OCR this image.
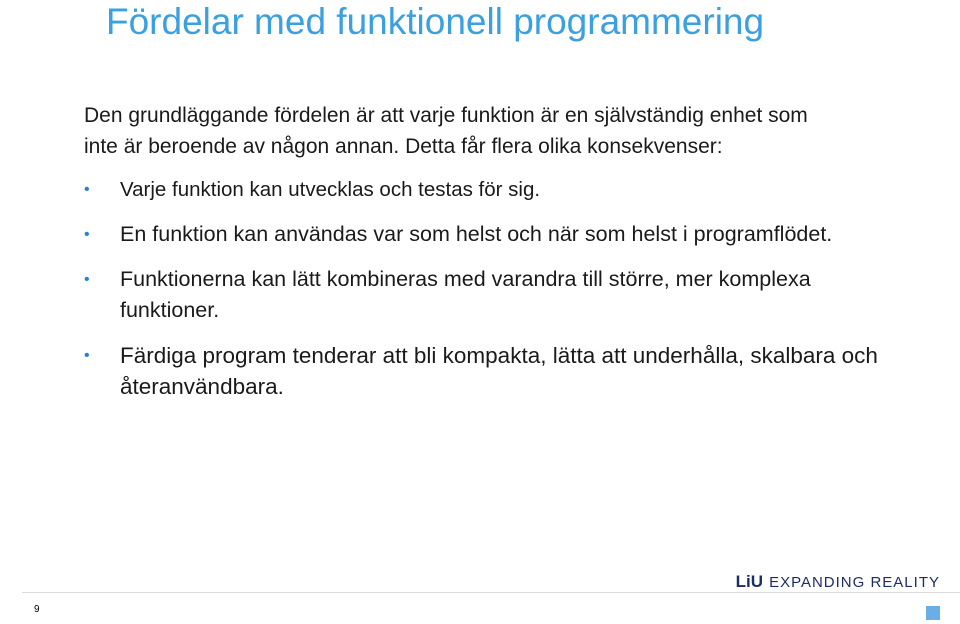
Fördelar med funktionell programmering

Den grundläggande fördelen är att varje funktion är en självständig enhet som inte är beroende av någon annan. Detta får flera olika konsekvenser:

• Varje funktion kan utvecklas och testas för sig.
• En funktion kan användas var som helst och när som helst i programflödet.
• Funktionerna kan lätt kombineras med varandra till större, mer komplexa funktioner.
• Färdiga program tenderar att bli kompakta, lätta att underhålla, skalbara och återanvändbara.
LiU EXPANDING REALITY
9
